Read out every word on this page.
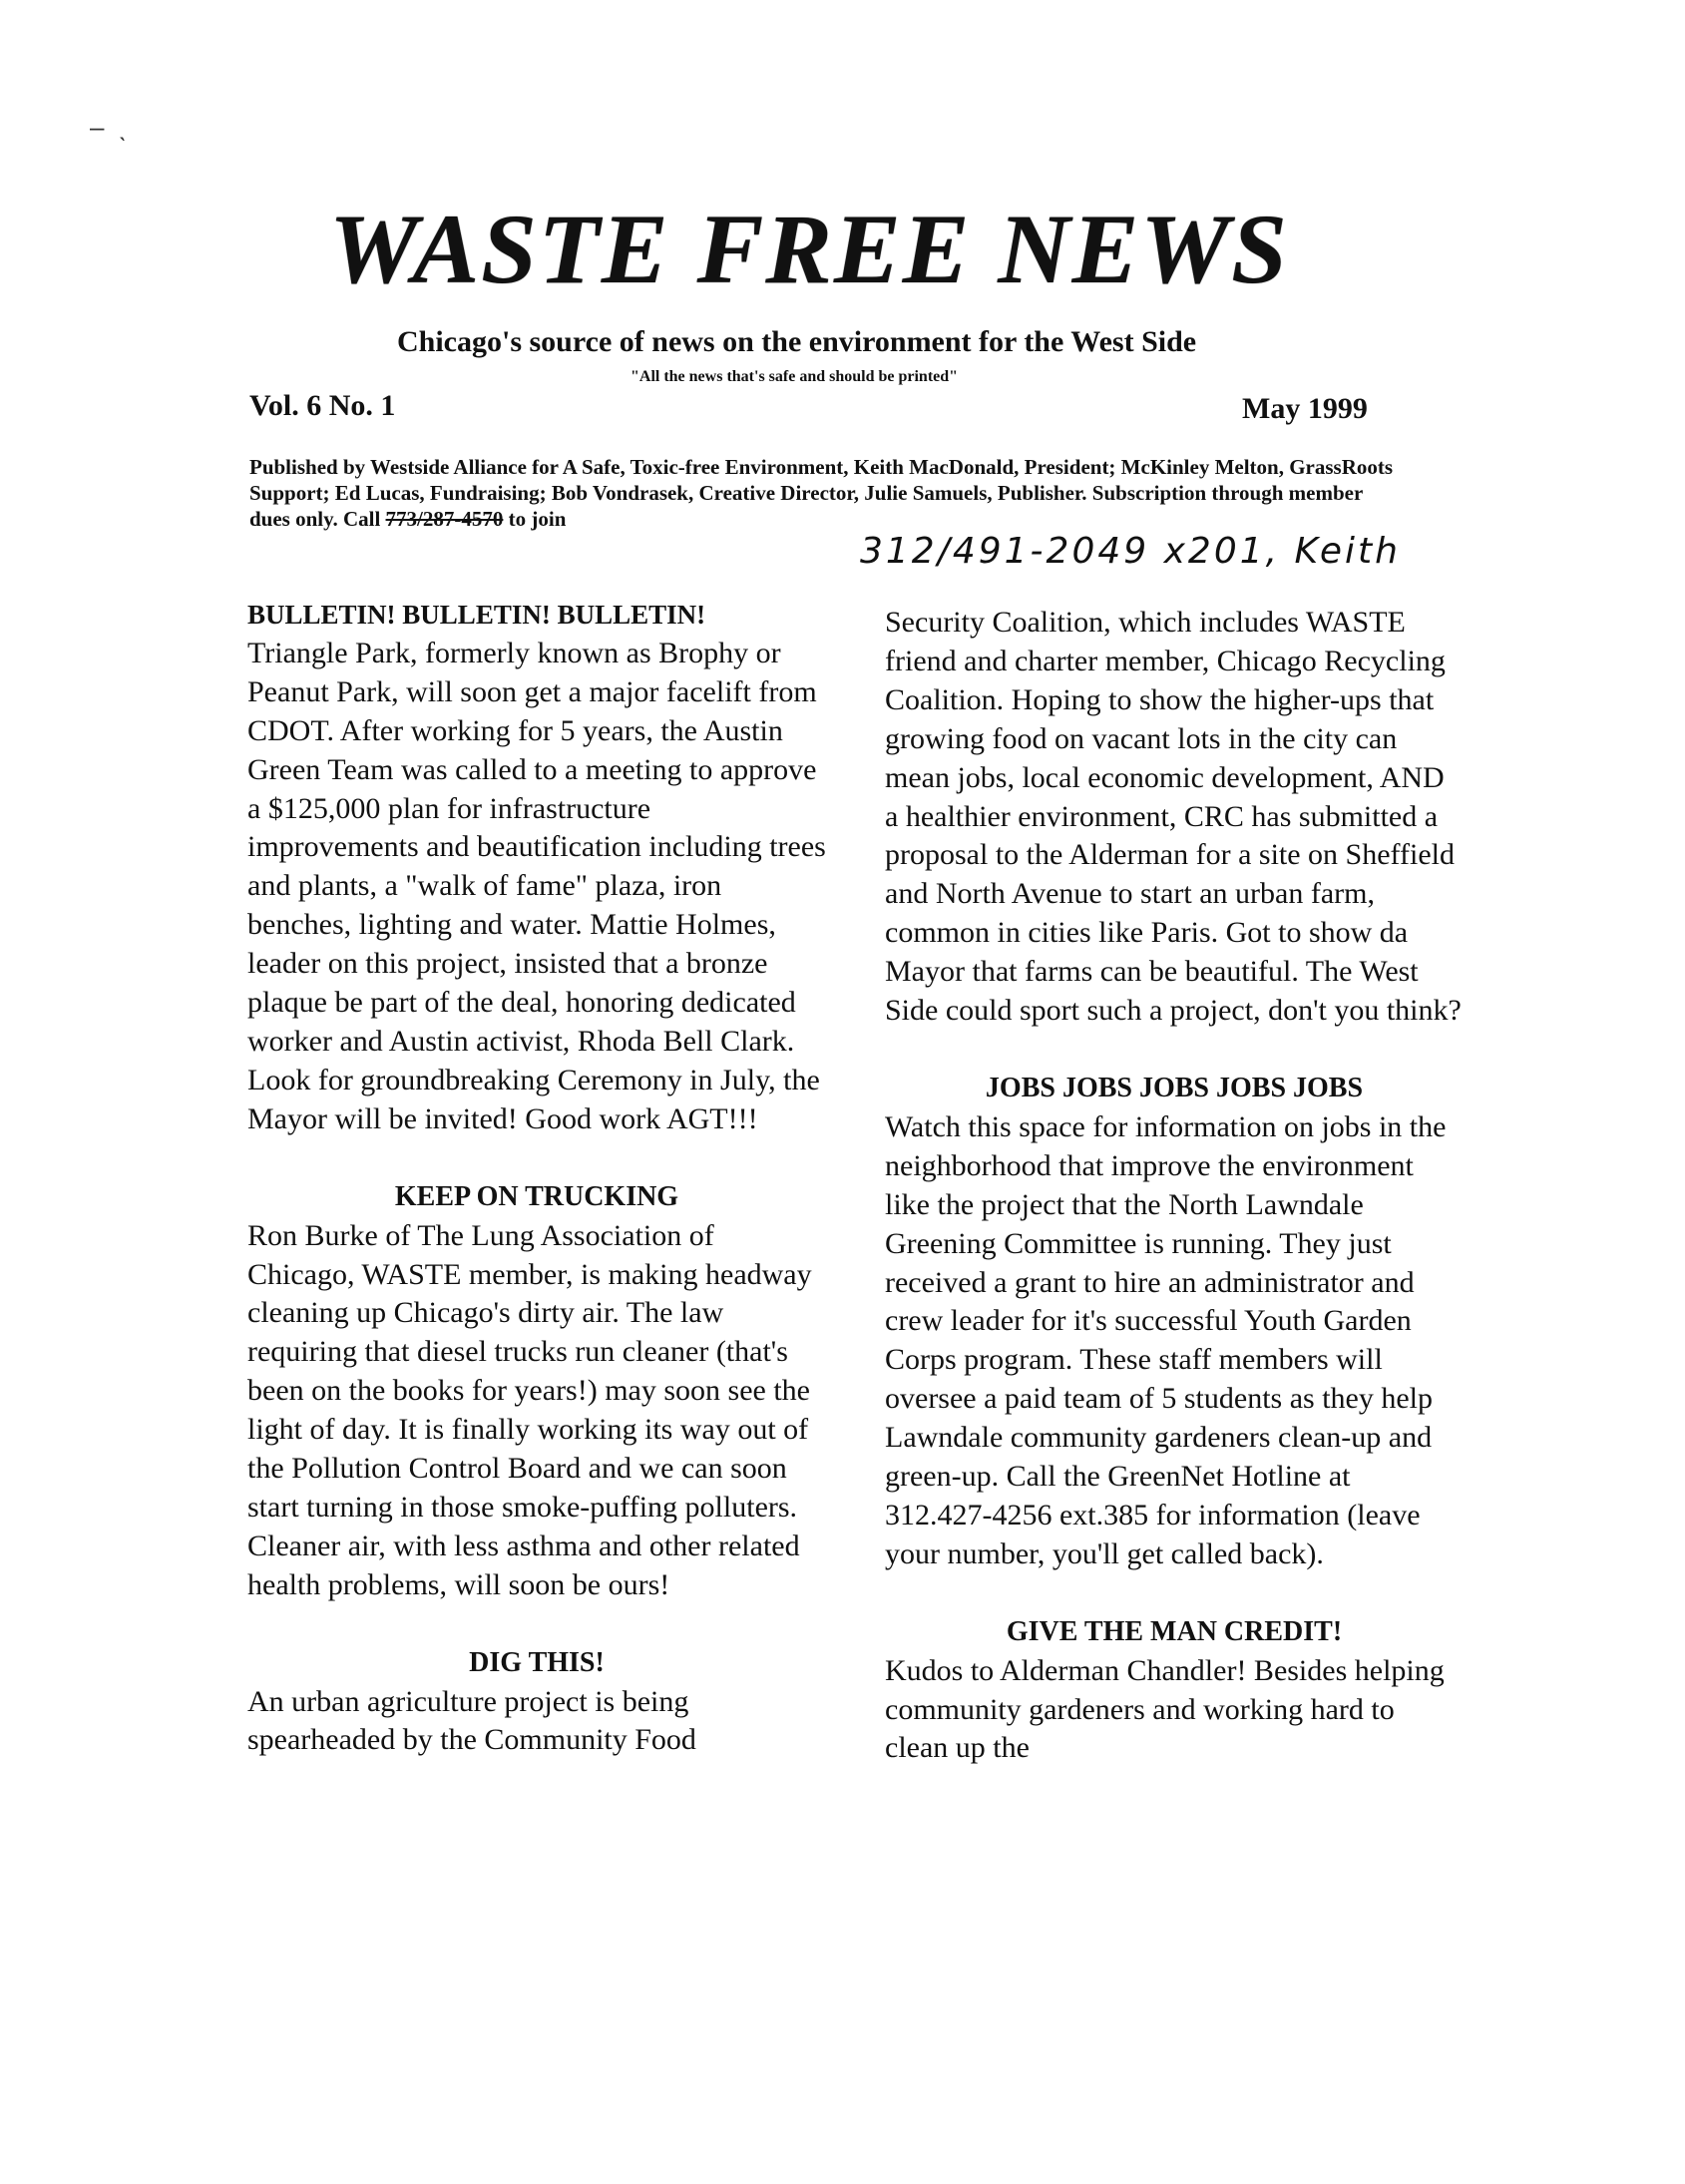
–  ˎ
WASTE FREE NEWS
Chicago's source of news on the environment for the West Side
"All the news that's safe and should be printed"
Vol. 6 No. 1	May 1999
Published by Westside Alliance for A Safe, Toxic-free Environment, Keith MacDonald, President; McKinley Melton, GrassRoots Support; Ed Lucas, Fundraising; Bob Vondrasek, Creative Director, Julie Samuels, Publisher. Subscription through member dues only. Call 773/287-4570 to join
312/491-2049 x201, Keith
BULLETIN! BULLETIN! BULLETIN!

Triangle Park, formerly known as Brophy or Peanut Park, will soon get a major facelift from CDOT. After working for 5 years, the Austin Green Team was called to a meeting to approve a $125,000 plan for infrastructure improvements and beautification including trees and plants, a "walk of fame" plaza, iron benches, lighting and water. Mattie Holmes, leader on this project, insisted that a bronze plaque be part of the deal, honoring dedicated worker and Austin activist, Rhoda Bell Clark. Look for groundbreaking Ceremony in July, the Mayor will be invited! Good work AGT!!!

KEEP ON TRUCKING

Ron Burke of The Lung Association of Chicago, WASTE member, is making headway cleaning up Chicago's dirty air. The law requiring that diesel trucks run cleaner (that's been on the books for years!) may soon see the light of day. It is finally working its way out of the Pollution Control Board and we can soon start turning in those smoke-puffing polluters. Cleaner air, with less asthma and other related health problems, will soon be ours!

DIG THIS!

An urban agriculture project is being spearheaded by the Community Food

Security Coalition, which includes WASTE friend and charter member, Chicago Recycling Coalition. Hoping to show the higher-ups that growing food on vacant lots in the city can mean jobs, local economic development, AND a healthier environment, CRC has submitted a proposal to the Alderman for a site on Sheffield and North Avenue to start an urban farm, common in cities like Paris. Got to show da Mayor that farms can be beautiful. The West Side could sport such a project, don't you think?

JOBS JOBS JOBS JOBS JOBS

Watch this space for information on jobs in the neighborhood that improve the environment like the project that the North Lawndale Greening Committee is running. They just received a grant to hire an administrator and crew leader for it's successful Youth Garden Corps program. These staff members will oversee a paid team of 5 students as they help Lawndale community gardeners clean-up and green-up. Call the GreenNet Hotline at 312.427-4256 ext.385 for information (leave your number, you'll get called back).

GIVE THE MAN CREDIT!

Kudos to Alderman Chandler! Besides helping community gardeners and working hard to clean up the
